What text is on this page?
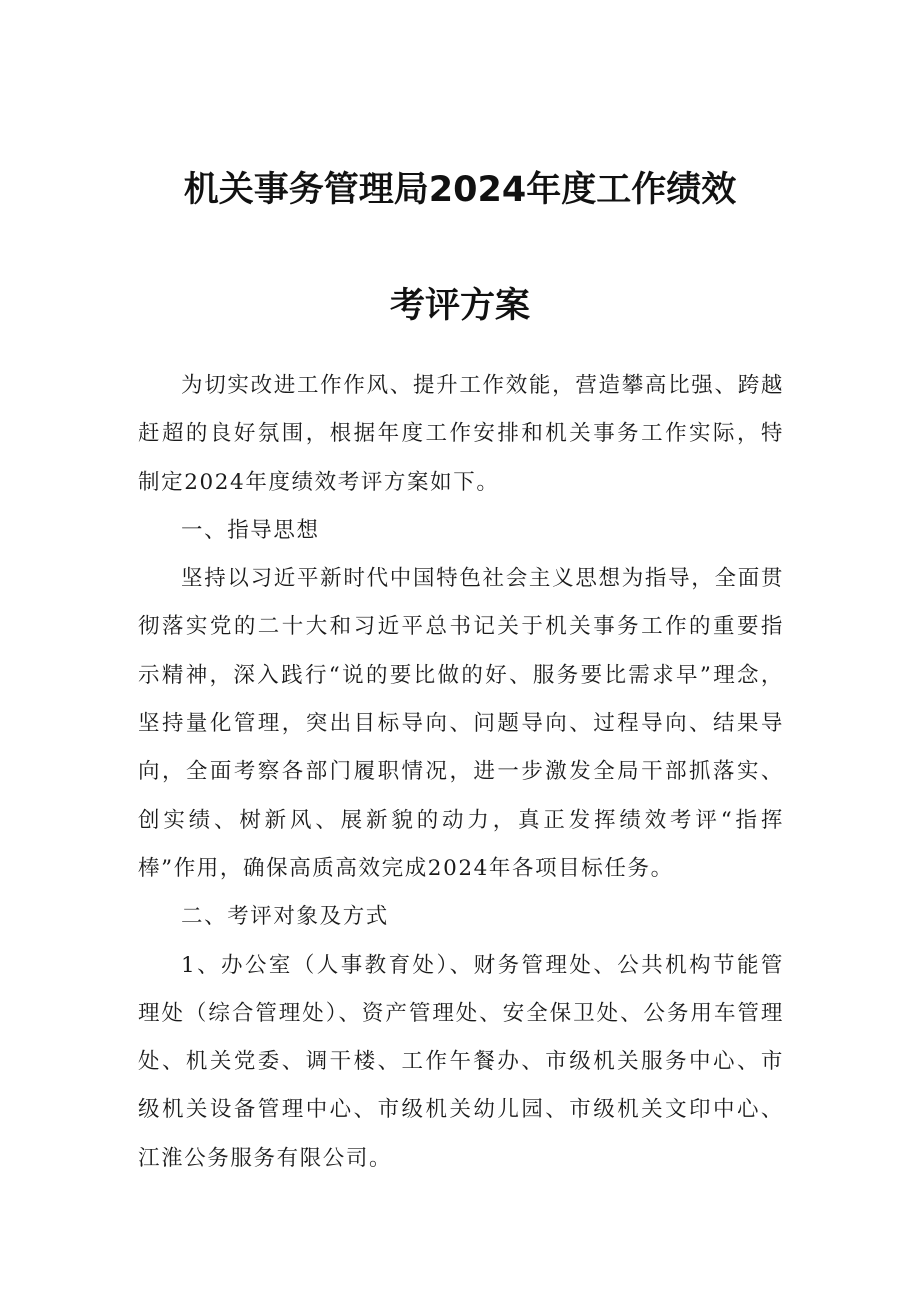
机关事务管理局2024年度工作绩效
考评方案

为切实改进工作作风、提升工作效能，营造攀高比强、跨越赶超的良好氛围，根据年度工作安排和机关事务工作实际，特制定2024年度绩效考评方案如下。

一、指导思想

坚持以习近平新时代中国特色社会主义思想为指导，全面贯彻落实党的二十大和习近平总书记关于机关事务工作的重要指示精神，深入践行“说的要比做的好、服务要比需求早”理念，坚持量化管理，突出目标导向、问题导向、过程导向、结果导向，全面考察各部门履职情况，进一步激发全局干部抓落实、创实绩、树新风、展新貌的动力，真正发挥绩效考评“指挥棒”作用，确保高质高效完成2024年各项目标任务。

二、考评对象及方式

1、办公室（人事教育处）、财务管理处、公共机构节能管理处（综合管理处）、资产管理处、安全保卫处、公务用车管理处、机关党委、调干楼、工作午餐办、市级机关服务中心、市级机关设备管理中心、市级机关幼儿园、市级机关文印中心、江淮公务服务有限公司。
